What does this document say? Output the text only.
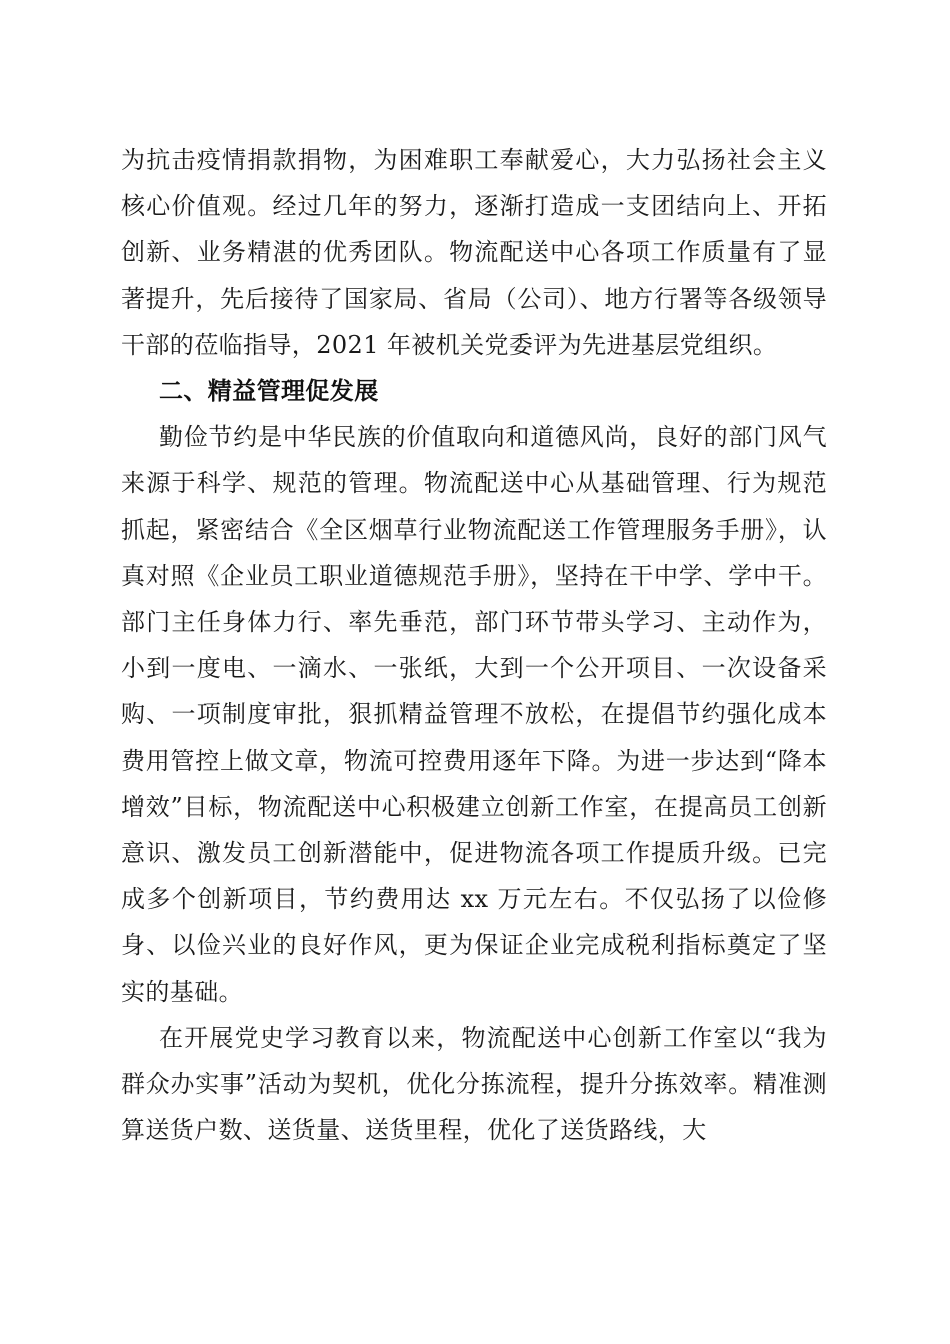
为抗击疫情捐款捐物，为困难职工奉献爱心，大力弘扬社会主义核心价值观。经过几年的努力，逐渐打造成一支团结向上、开拓创新、业务精湛的优秀团队。物流配送中心各项工作质量有了显著提升，先后接待了国家局、省局（公司）、地方行署等各级领导干部的莅临指导，2021 年被机关党委评为先进基层党组织。

二、精益管理促发展

勤俭节约是中华民族的价值取向和道德风尚，良好的部门风气来源于科学、规范的管理。物流配送中心从基础管理、行为规范抓起，紧密结合《全区烟草行业物流配送工作管理服务手册》，认真对照《企业员工职业道德规范手册》，坚持在干中学、学中干。部门主任身体力行、率先垂范，部门环节带头学习、主动作为，小到一度电、一滴水、一张纸，大到一个公开项目、一次设备采购、一项制度审批，狠抓精益管理不放松，在提倡节约强化成本费用管控上做文章，物流可控费用逐年下降。为进一步达到“降本增效”目标，物流配送中心积极建立创新工作室，在提高员工创新意识、激发员工创新潜能中，促进物流各项工作提质升级。已完成多个创新项目，节约费用达 xx 万元左右。不仅弘扬了以俭修身、以俭兴业的良好作风，更为保证企业完成税利指标奠定了坚实的基础。

在开展党史学习教育以来，物流配送中心创新工作室以“我为群众办实事”活动为契机，优化分拣流程，提升分拣效率。精准测算送货户数、送货量、送货里程，优化了送货路线，大
